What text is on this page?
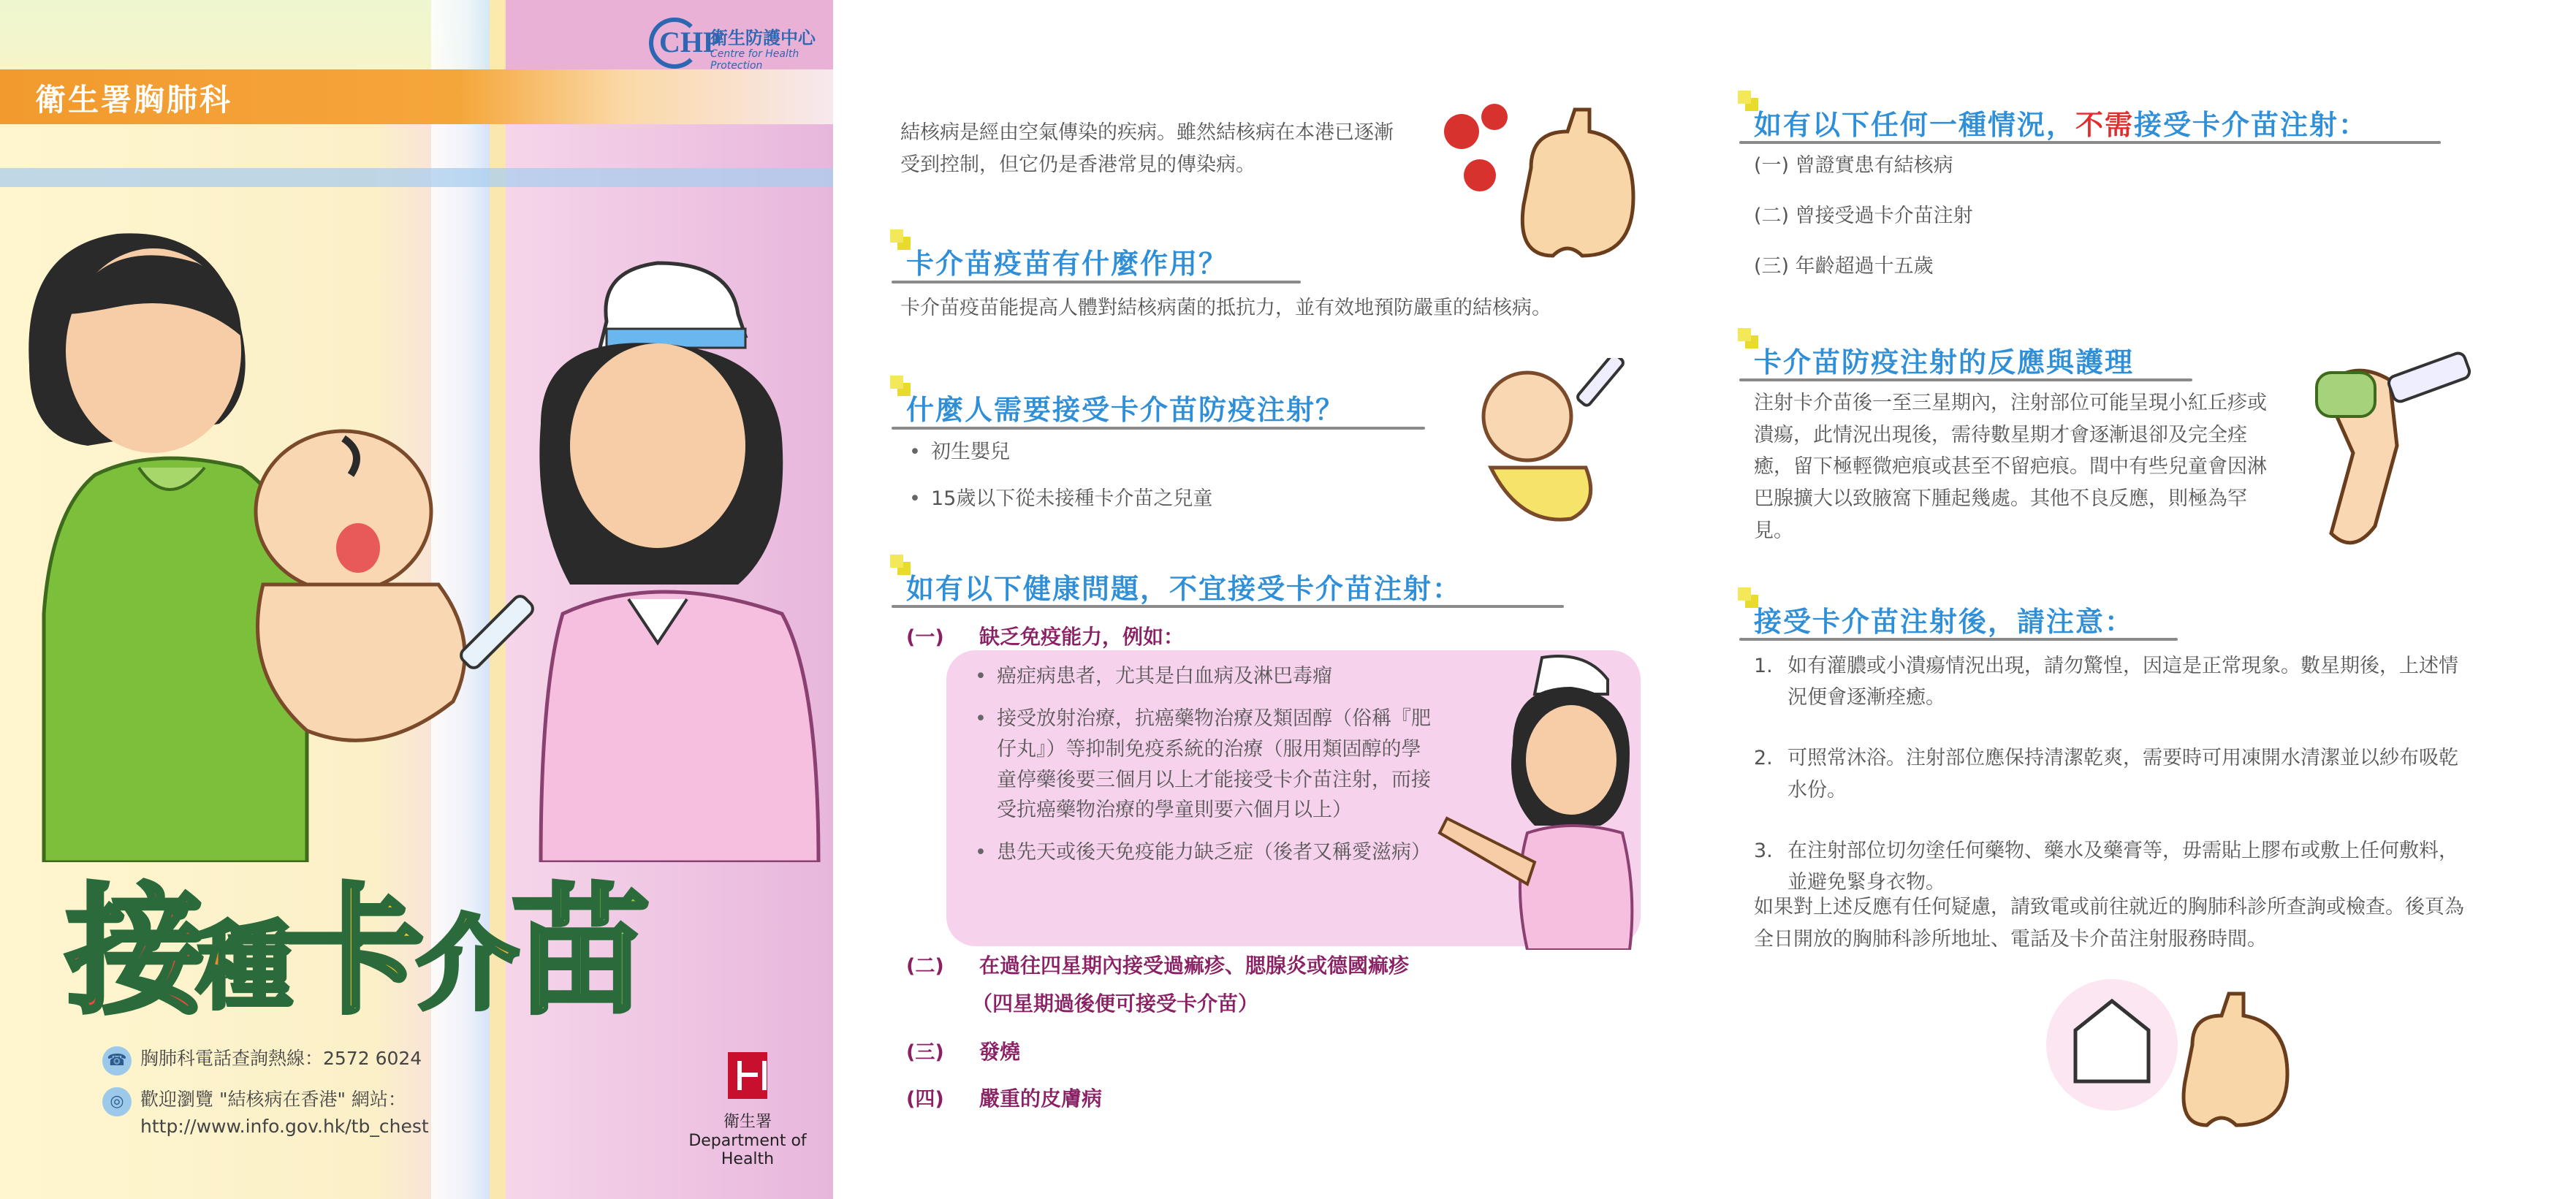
衛生署胸肺科
CHP
衛生防護中心
Centre for Health Protection
接種卡介苗
☎ 胸肺科電話查詢熱線：2572 6024
◎ 歡迎瀏覽 "結核病在香港" 網站：
http://www.info.gov.hk/tb_chest	衛生署
Department of Health
結核病是經由空氣傳染的疾病。雖然結核病在本港已逐漸受到控制，但它仍是香港常見的傳染病。
卡介苗疫苗有什麼作用？
卡介苗疫苗能提高人體對結核病菌的抵抗力，並有效地預防嚴重的結核病。
什麼人需要接受卡介苗防疫注射？
• 初生嬰兒
• 15歲以下從未接種卡介苗之兒童
如有以下健康問題，不宜接受卡介苗注射：
(一) 缺乏免疫能力，例如：
• 癌症病患者，尤其是白血病及淋巴毒瘤
• 接受放射治療，抗癌藥物治療及類固醇（俗稱『肥仔丸』）等抑制免疫系統的治療（服用類固醇的學童停藥後要三個月以上才能接受卡介苗注射，而接受抗癌藥物治療的學童則要六個月以上）
• 患先天或後天免疫能力缺乏症（後者又稱愛滋病）
(二) 在過往四星期內接受過痲疹、腮腺炎或德國痲疹
（四星期過後便可接受卡介苗）
(三) 發燒
(四) 嚴重的皮膚病
如有以下任何一種情況，不需接受卡介苗注射：
(一) 曾證實患有結核病
(二) 曾接受過卡介苗注射
(三) 年齡超過十五歲
卡介苗防疫注射的反應與護理
注射卡介苗後一至三星期內，注射部位可能呈現小紅丘疹或潰瘍，此情況出現後，需待數星期才會逐漸退卻及完全痊癒，留下極輕微疤痕或甚至不留疤痕。間中有些兒童會因淋巴腺擴大以致腋窩下腫起幾處。其他不良反應，則極為罕見。
接受卡介苗注射後，請注意：
1. 如有灌膿或小潰瘍情況出現，請勿驚惶，因這是正常現象。數星期後，上述情況便會逐漸痊癒。
2. 可照常沐浴。注射部位應保持清潔乾爽，需要時可用凍開水清潔並以紗布吸乾水份。
3. 在注射部位切勿塗任何藥物、藥水及藥膏等，毋需貼上膠布或敷上任何敷料，並避免緊身衣物。
如果對上述反應有任何疑慮，請致電或前往就近的胸肺科診所查詢或檢查。後頁為全日開放的胸肺科診所地址、電話及卡介苗注射服務時間。
